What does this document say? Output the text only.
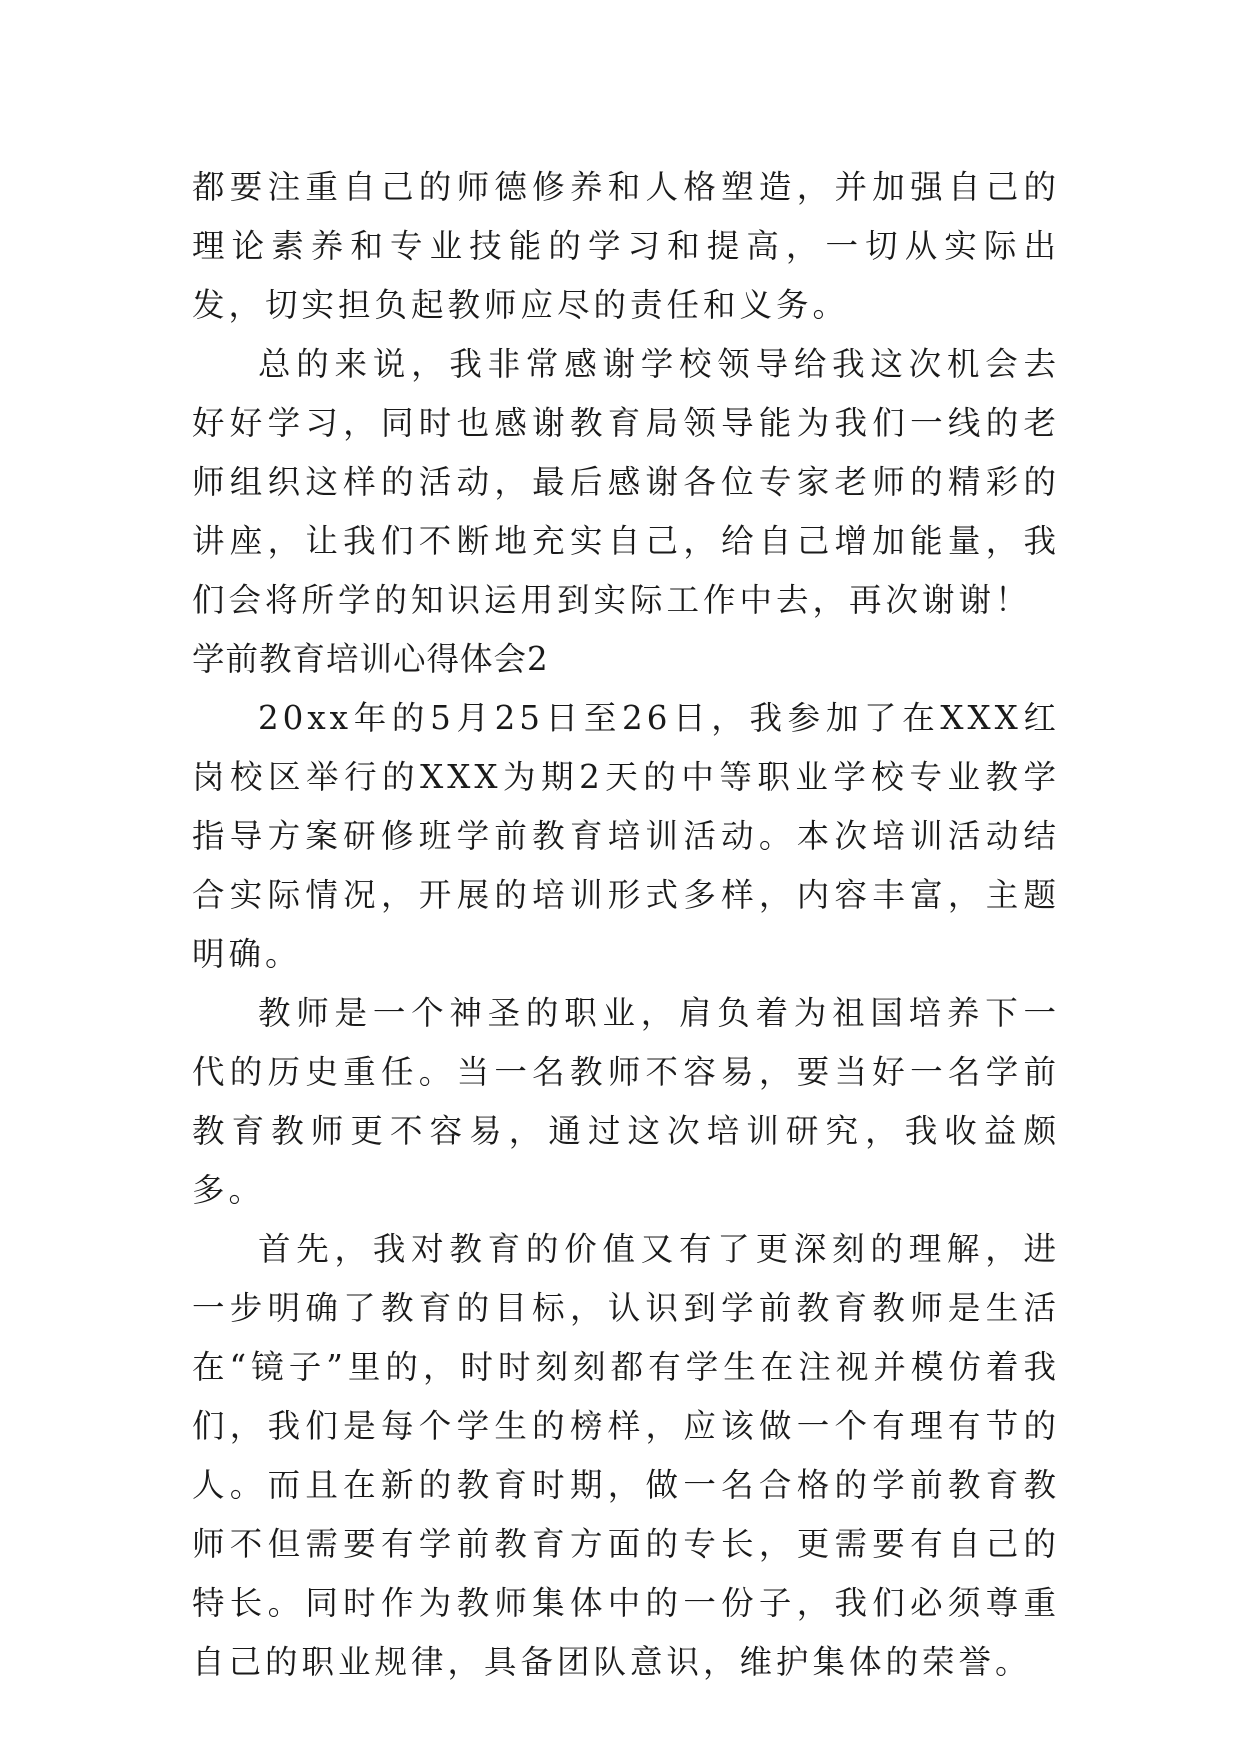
都要注重自己的师德修养和人格塑造，并加强自己的理论素养和专业技能的学习和提高，一切从实际出发，切实担负起教师应尽的责任和义务。

总的来说，我非常感谢学校领导给我这次机会去好好学习，同时也感谢教育局领导能为我们一线的老师组织这样的活动，最后感谢各位专家老师的精彩的讲座，让我们不断地充实自己，给自己增加能量，我们会将所学的知识运用到实际工作中去，再次谢谢！

学前教育培训心得体会2

20xx年的5月25日至26日，我参加了在XXX红岗校区举行的XXX为期2天的中等职业学校专业教学指导方案研修班学前教育培训活动。本次培训活动结合实际情况，开展的培训形式多样，内容丰富，主题明确。

教师是一个神圣的职业，肩负着为祖国培养下一代的历史重任。当一名教师不容易，要当好一名学前教育教师更不容易，通过这次培训研究，我收益颇多。

首先，我对教育的价值又有了更深刻的理解，进一步明确了教育的目标，认识到学前教育教师是生活在“镜子”里的，时时刻刻都有学生在注视并模仿着我们，我们是每个学生的榜样，应该做一个有理有节的人。而且在新的教育时期，做一名合格的学前教育教师不但需要有学前教育方面的专长，更需要有自己的特长。同时作为教师集体中的一份子，我们必须尊重自己的职业规律，具备团队意识，维护集体的荣誉。
